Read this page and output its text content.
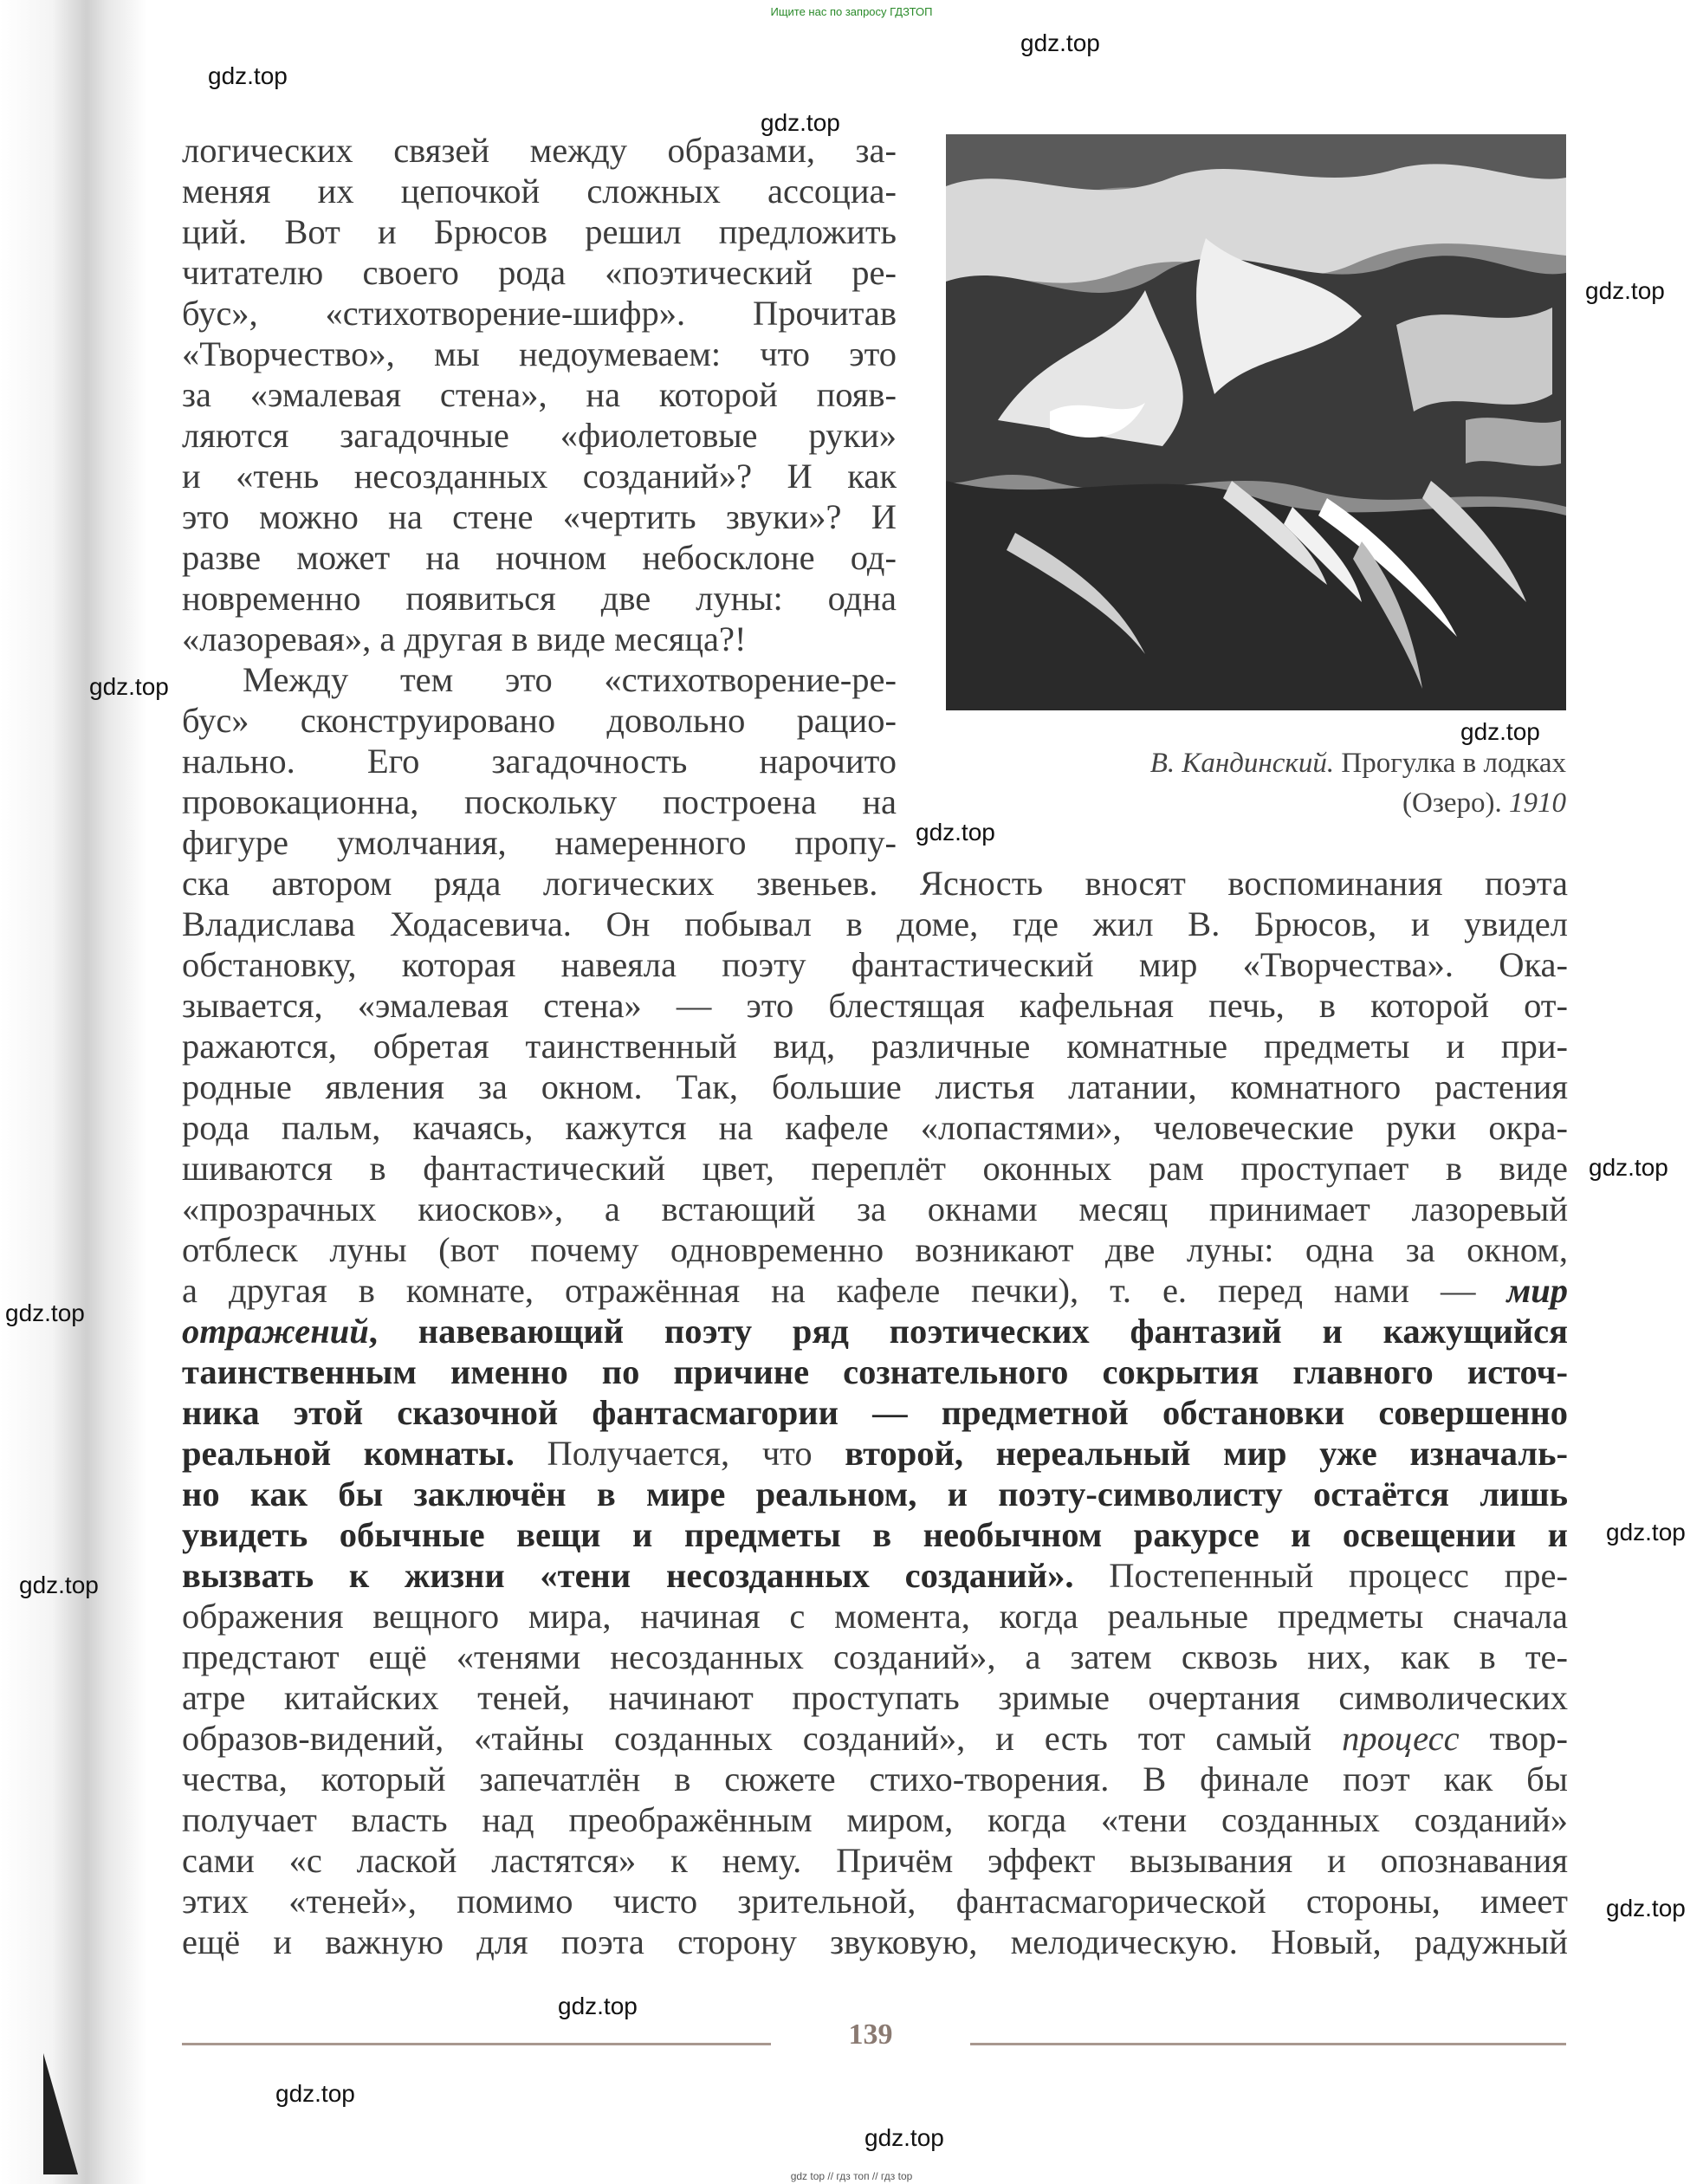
Ищите нас по запросу ГДЗТОП
gdz.top
gdz.top
gdz.top
gdz.top
gdz.top
gdz.top
gdz.top
gdz.top
gdz.top
gdz.top
gdz.top
gdz.top
gdz.top
gdz.top
gdz.top
В. Кандинский. Прогулка в лодках
(Озеро). 1910
логических связей между образами, за-
меняя их цепочкой сложных ассоциа-
ций. Вот и Брюсов решил предложить
читателю своего рода «поэтический ре-
бус», «стихотворение-шифр». Прочитав
«Творчество», мы недоумеваем: что это
за «эмалевая стена», на которой появ-
ляются загадочные «фиолетовые руки»
и «тень несозданных созданий»? И как
это можно на стене «чертить звуки»? И
разве может на ночном небосклоне од-
новременно появиться две луны: одна
«лазоревая», а другая в виде месяца?!
Между тем это «стихотворение-ре-
бус» сконструировано довольно рацио-
нально. Его загадочность нарочито
провокационна, поскольку построена на
фигуре умолчания, намеренного пропу-
ска автором ряда логических звеньев. Ясность вносят воспоминания поэта
Владислава Ходасевича. Он побывал в доме, где жил В. Брюсов, и увидел
обстановку, которая навеяла поэту фантастический мир «Творчества». Ока-
зывается, «эмалевая стена» — это блестящая кафельная печь, в которой от-
ражаются, обретая таинственный вид, различные комнатные предметы и при-
родные явления за окном. Так, большие листья латании, комнатного растения
рода пальм, качаясь, кажутся на кафеле «лопастями», человеческие руки окра-
шиваются в фантастический цвет, переплёт оконных рам проступает в виде
«прозрачных киосков», а встающий за окнами месяц принимает лазоревый
отблеск луны (вот почему одновременно возникают две луны: одна за окном,
а другая в комнате, отражённая на кафеле печки), т. е. перед нами — мир
отражений, навевающий поэту ряд поэтических фантазий и кажущийся
таинственным именно по причине сознательного сокрытия главного источ-
ника этой сказочной фантасмагории — предметной обстановки совершенно
реальной комнаты. Получается, что второй, нереальный мир уже изначаль-
но как бы заключён в мире реальном, и поэту-символисту остаётся лишь
увидеть обычные вещи и предметы в необычном ракурсе и освещении и
вызвать к жизни «тени несозданных созданий». Постепенный процесс пре-
ображения вещного мира, начиная с момента, когда реальные предметы сначала
предстают ещё «тенями несозданных созданий», а затем сквозь них, как в те-
атре китайских теней, начинают проступать зримые очертания символических
образов-видений, «тайны созданных созданий», и есть тот самый процесс твор-
чества, который запечатлён в сюжете стихо-творения. В финале поэт как бы
получает власть над преображённым миром, когда «тени созданных созданий»
сами «с лаской ластятся» к нему. Причём эффект вызывания и опознавания
этих «теней», помимо чисто зрительной, фантасмагорической стороны, имеет
ещё и важную для поэта сторону звуковую, мелодическую. Новый, радужный
139
gdz top // гдз топ // гдз top
